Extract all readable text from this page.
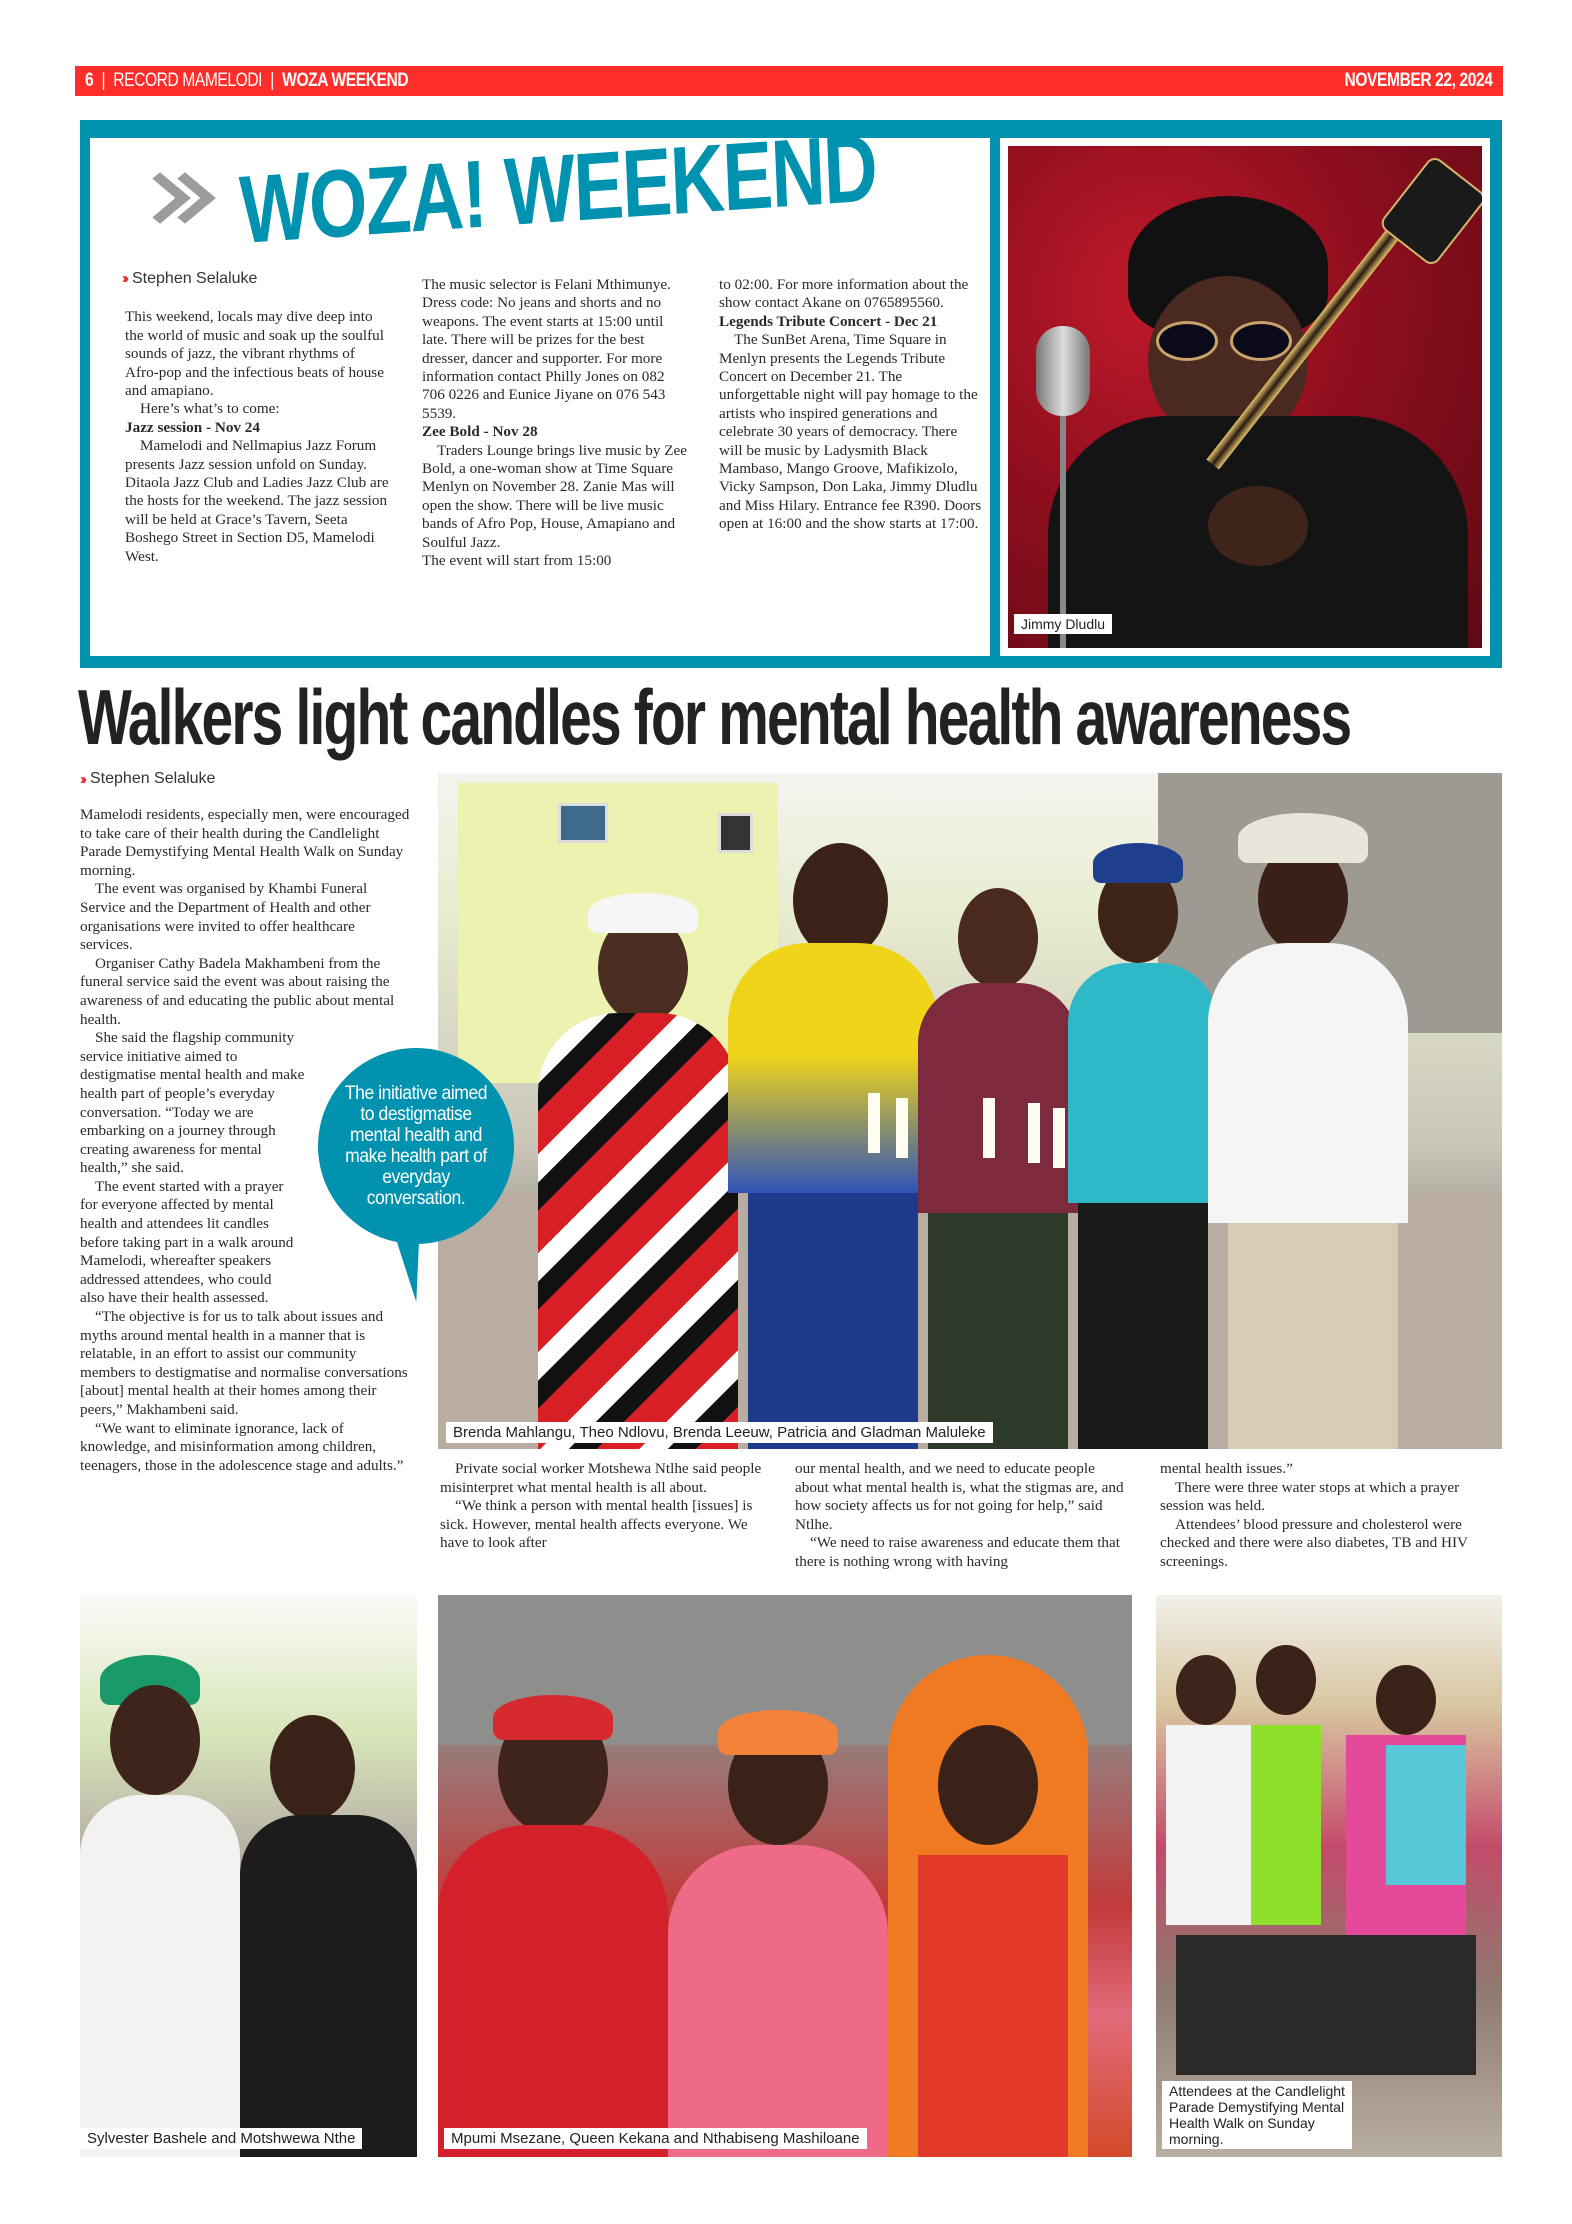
6 | RECORD MAMELODI | WOZA WEEKEND	NOVEMBER 22, 2024
WOZA! WEEKEND
›› Stephen Selaluke

This weekend, locals may dive deep into the world of music and soak up the soulful sounds of jazz, the vibrant rhythms of Afro-pop and the infectious beats of house and amapiano.

Here’s what’s to come:

Jazz session - Nov 24

Mamelodi and Nellmapius Jazz Forum presents Jazz session unfold on Sunday. Ditaola Jazz Club and Ladies Jazz Club are the hosts for the weekend. The jazz session will be held at Grace’s Tavern, Seeta Boshego Street in Section D5, Mamelodi West.

The music selector is Felani Mthimunye. Dress code: No jeans and shorts and no weapons. The event starts at 15:00 until late. There will be prizes for the best dresser, dancer and supporter. For more information contact Philly Jones on 082 706 0226 and Eunice Jiyane on 076 543 5539.

Zee Bold - Nov 28

Traders Lounge brings live music by Zee Bold, a one-woman show at Time Square Menlyn on November 28. Zanie Mas will open the show. There will be live music bands of Afro Pop, House, Amapiano and Soulful Jazz.

The event will start from 15:00

to 02:00. For more information about the show contact Akane on 0765895560.

Legends Tribute Concert - Dec 21

The SunBet Arena, Time Square in Menlyn presents the Legends Tribute Concert on December 21. The unforgettable night will pay homage to the artists who inspired generations and celebrate 30 years of democracy. There will be music by Ladysmith Black Mambaso, Mango Groove, Mafikizolo, Vicky Sampson, Don Laka, Jimmy Dludlu and Miss Hilary. Entrance fee R390. Doors open at 16:00 and the show starts at 17:00.

Jimmy Dludlu
Walkers light candles for mental health awareness
›› Stephen Selaluke

Mamelodi residents, especially men, were encouraged to take care of their health during the Candlelight Parade Demystifying Mental Health Walk on Sunday morning.

The event was organised by Khambi Funeral Service and the Department of Health and other organisations were invited to offer healthcare services.

Organiser Cathy Badela Makhambeni from the funeral service said the event was about raising the awareness of and educating the public about mental health.

She said the flagship community service initiative aimed to destigmatise mental health and make health part of people’s everyday conversation. “Today we are embarking on a journey through creating awareness for mental health,” she said.

The event started with a prayer for everyone affected by mental health and attendees lit candles before taking part in a walk around Mamelodi, whereafter speakers addressed attendees, who could also have their health assessed.

“The objective is for us to talk about issues and myths around mental health in a manner that is relatable, in an effort to assist our community members to destigmatise and normalise conversations [about] mental health at their homes among their peers,” Makhambeni said.

“We want to eliminate ignorance, lack of knowledge, and misinformation among children, teenagers, those in the adolescence stage and adults.”

Brenda Mahlangu, Theo Ndlovu, Brenda Leeuw, Patricia and Gladman Maluleke
The initiative aimed to destigmatise mental health and make health part of everyday conversation.

Private social worker Motshewa Ntlhe said people misinterpret what mental health is all about.

“We think a person with mental health [issues] is sick. However, mental health affects everyone. We have to look after

our mental health, and we need to educate people about what mental health is, what the stigmas are, and how society affects us for not going for help,” said Ntlhe.

“We need to raise awareness and educate them that there is nothing wrong with having

mental health issues.”

There were three water stops at which a prayer session was held.

Attendees’ blood pressure and cholesterol were checked and there were also diabetes, TB and HIV screenings.

Sylvester Bashele and Motshwewa Nthe	Mpumi Msezane, Queen Kekana and Nthabiseng Mashiloane
Attendees at the Candlelight Parade Demystifying Mental Health Walk on Sunday morning.
